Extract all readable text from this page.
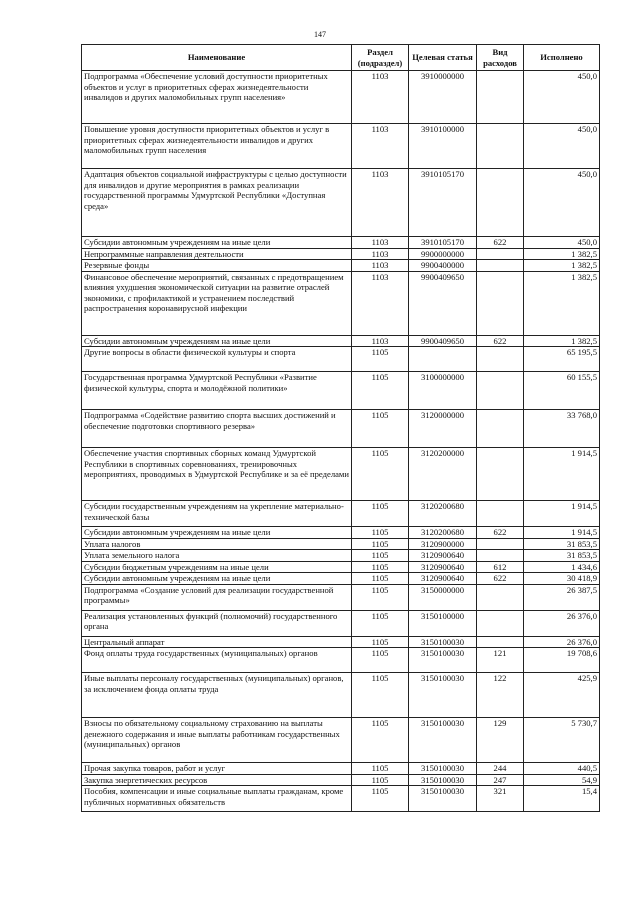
147
Наименование	Раздел (подраздел)	Целевая статья	Вид расходов	Исполнено
Подпрограмма «Обеспечение условий доступности приоритетных объектов и услуг в приоритетных сферах жизнедеятельности инвалидов и других маломобильных групп населения»	1103	3910000000		450,0
Повышение уровня доступности приоритетных объектов и услуг в приоритетных сферах жизнедеятельности инвалидов и других маломобильных групп населения	1103	3910100000		450,0
Адаптация объектов социальной инфраструктуры с целью доступности для инвалидов и другие мероприятия в рамках реализации государственной программы Удмуртской Республики «Доступная среда»	1103	3910105170		450,0
Субсидии автономным учреждениям на иные цели	1103	3910105170	622	450,0
Непрограммные направления деятельности	1103	9900000000		1 382,5
Резервные фонды	1103	9900400000		1 382,5
Финансовое обеспечение мероприятий, связанных с предотвращением влияния ухудшения экономической ситуации на развитие отраслей экономики, с профилактикой и устранением последствий распространения коронавирусной инфекции	1103	9900409650		1 382,5
Субсидии автономным учреждениям на иные цели	1103	9900409650	622	1 382,5
Другие вопросы в области физической культуры и спорта	1105			65 195,5
Государственная программа Удмуртской Республики «Развитие физической культуры, спорта и молодёжной политики»	1105	3100000000		60 155,5
Подпрограмма «Содействие развитию спорта высших достижений и обеспечение подготовки спортивного резерва»	1105	3120000000		33 768,0
Обеспечение участия спортивных сборных команд Удмуртской Республики в спортивных соревнованиях, тренировочных мероприятиях, проводимых в Удмуртской Республике и за её пределами	1105	3120200000		1 914,5
Субсидии государственным учреждениям на укрепление материально-технической базы	1105	3120200680		1 914,5
Субсидии автономным учреждениям на иные цели	1105	3120200680	622	1 914,5
Уплата налогов	1105	3120900000		31 853,5
Уплата земельного налога	1105	3120900640		31 853,5
Субсидии бюджетным учреждениям на иные цели	1105	3120900640	612	1 434,6
Субсидии автономным учреждениям на иные цели	1105	3120900640	622	30 418,9
Подпрограмма «Создание условий для реализации государственной программы»	1105	3150000000		26 387,5
Реализация установленных функций (полномочий) государственного органа	1105	3150100000		26 376,0
Центральный аппарат	1105	3150100030		26 376,0
Фонд оплаты труда государственных (муниципальных) органов	1105	3150100030	121	19 708,6
Иные выплаты персоналу государственных (муниципальных) органов, за исключением фонда оплаты труда	1105	3150100030	122	425,9
Взносы по обязательному социальному страхованию на выплаты денежного содержания и иные выплаты работникам государственных (муниципальных) органов	1105	3150100030	129	5 730,7
Прочая закупка товаров, работ и услуг	1105	3150100030	244	440,5
Закупка энергетических ресурсов	1105	3150100030	247	54,9
Пособия, компенсации и иные социальные выплаты гражданам, кроме публичных нормативных обязательств	1105	3150100030	321	15,4
